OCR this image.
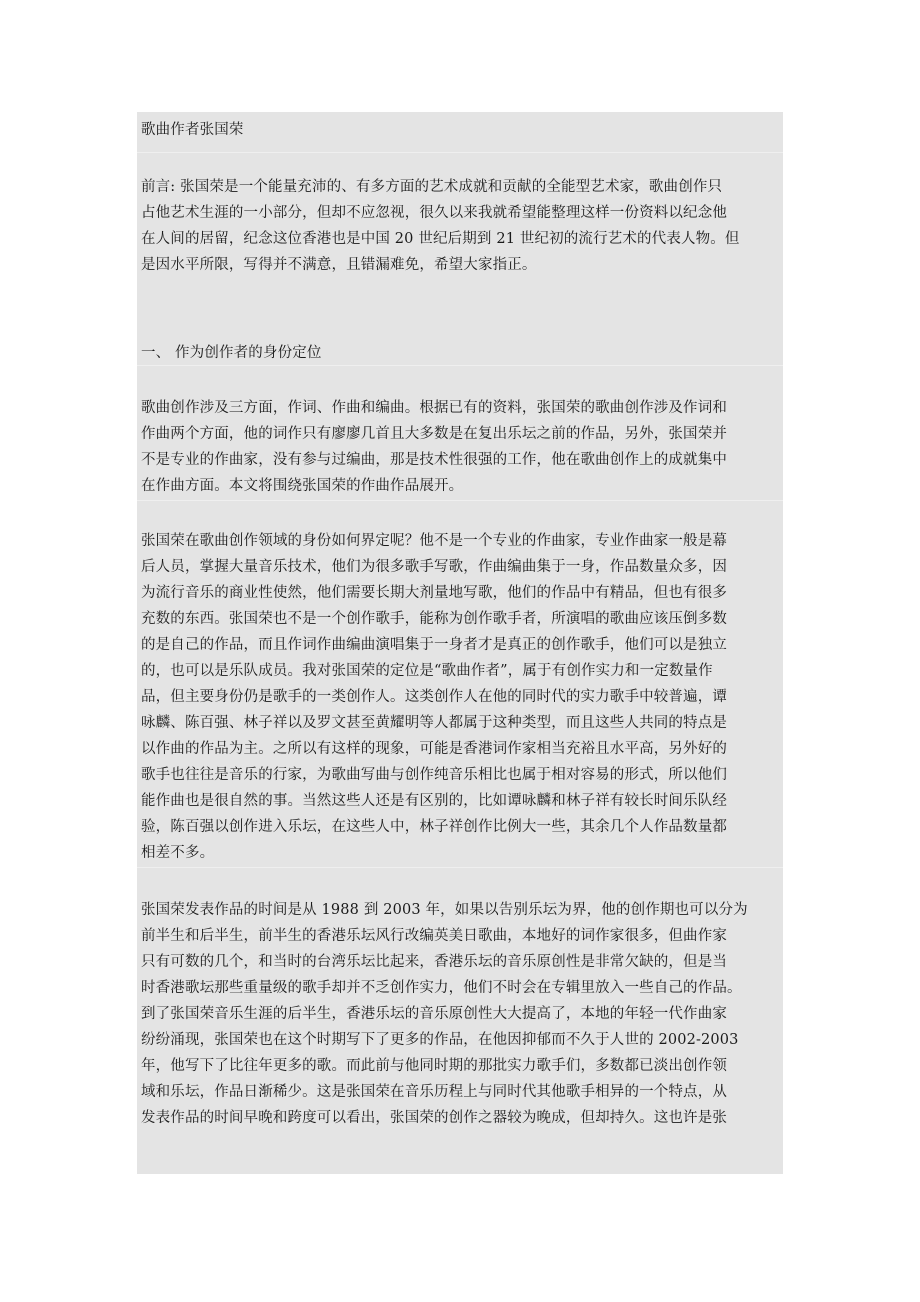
歌曲作者张国荣
前言: 张国荣是一个能量充沛的、有多方面的艺术成就和贡献的全能型艺术家，歌曲创作只
占他艺术生涯的一小部分，但却不应忽视，很久以来我就希望能整理这样一份资料以纪念他
在人间的居留，纪念这位香港也是中国 20 世纪后期到 21 世纪初的流行艺术的代表人物。但
是因水平所限，写得并不满意，且错漏难免，希望大家指正。
一、 作为创作者的身份定位
歌曲创作涉及三方面，作词、作曲和编曲。根据已有的资料，张国荣的歌曲创作涉及作词和
作曲两个方面，他的词作只有廖廖几首且大多数是在复出乐坛之前的作品，另外，张国荣并
不是专业的作曲家，没有参与过编曲，那是技术性很强的工作，他在歌曲创作上的成就集中
在作曲方面。本文将围绕张国荣的作曲作品展开。
张国荣在歌曲创作领域的身份如何界定呢？他不是一个专业的作曲家，专业作曲家一般是幕
后人员，掌握大量音乐技术，他们为很多歌手写歌，作曲编曲集于一身，作品数量众多，因
为流行音乐的商业性使然，他们需要长期大剂量地写歌，他们的作品中有精品，但也有很多
充数的东西。张国荣也不是一个创作歌手，能称为创作歌手者，所演唱的歌曲应该压倒多数
的是自己的作品，而且作词作曲编曲演唱集于一身者才是真正的创作歌手，他们可以是独立
的，也可以是乐队成员。我对张国荣的定位是“歌曲作者”，属于有创作实力和一定数量作
品，但主要身份仍是歌手的一类创作人。这类创作人在他的同时代的实力歌手中较普遍，谭
咏麟、陈百强、林子祥以及罗文甚至黄耀明等人都属于这种类型，而且这些人共同的特点是
以作曲的作品为主。之所以有这样的现象，可能是香港词作家相当充裕且水平高，另外好的
歌手也往往是音乐的行家，为歌曲写曲与创作纯音乐相比也属于相对容易的形式，所以他们
能作曲也是很自然的事。当然这些人还是有区别的，比如谭咏麟和林子祥有较长时间乐队经
验，陈百强以创作进入乐坛，在这些人中，林子祥创作比例大一些，其余几个人作品数量都
相差不多。
张国荣发表作品的时间是从 1988 到 2003 年，如果以告别乐坛为界，他的创作期也可以分为
前半生和后半生，前半生的香港乐坛风行改编英美日歌曲，本地好的词作家很多，但曲作家
只有可数的几个，和当时的台湾乐坛比起来，香港乐坛的音乐原创性是非常欠缺的，但是当
时香港歌坛那些重量级的歌手却并不乏创作实力，他们不时会在专辑里放入一些自己的作品。
到了张国荣音乐生涯的后半生，香港乐坛的音乐原创性大大提高了，本地的年轻一代作曲家
纷纷涌现，张国荣也在这个时期写下了更多的作品，在他因抑郁而不久于人世的 2002-2003
年，他写下了比往年更多的歌。而此前与他同时期的那批实力歌手们，多数都已淡出创作领
域和乐坛，作品日渐稀少。这是张国荣在音乐历程上与同时代其他歌手相异的一个特点，从
发表作品的时间早晚和跨度可以看出，张国荣的创作之器较为晚成，但却持久。这也许是张
